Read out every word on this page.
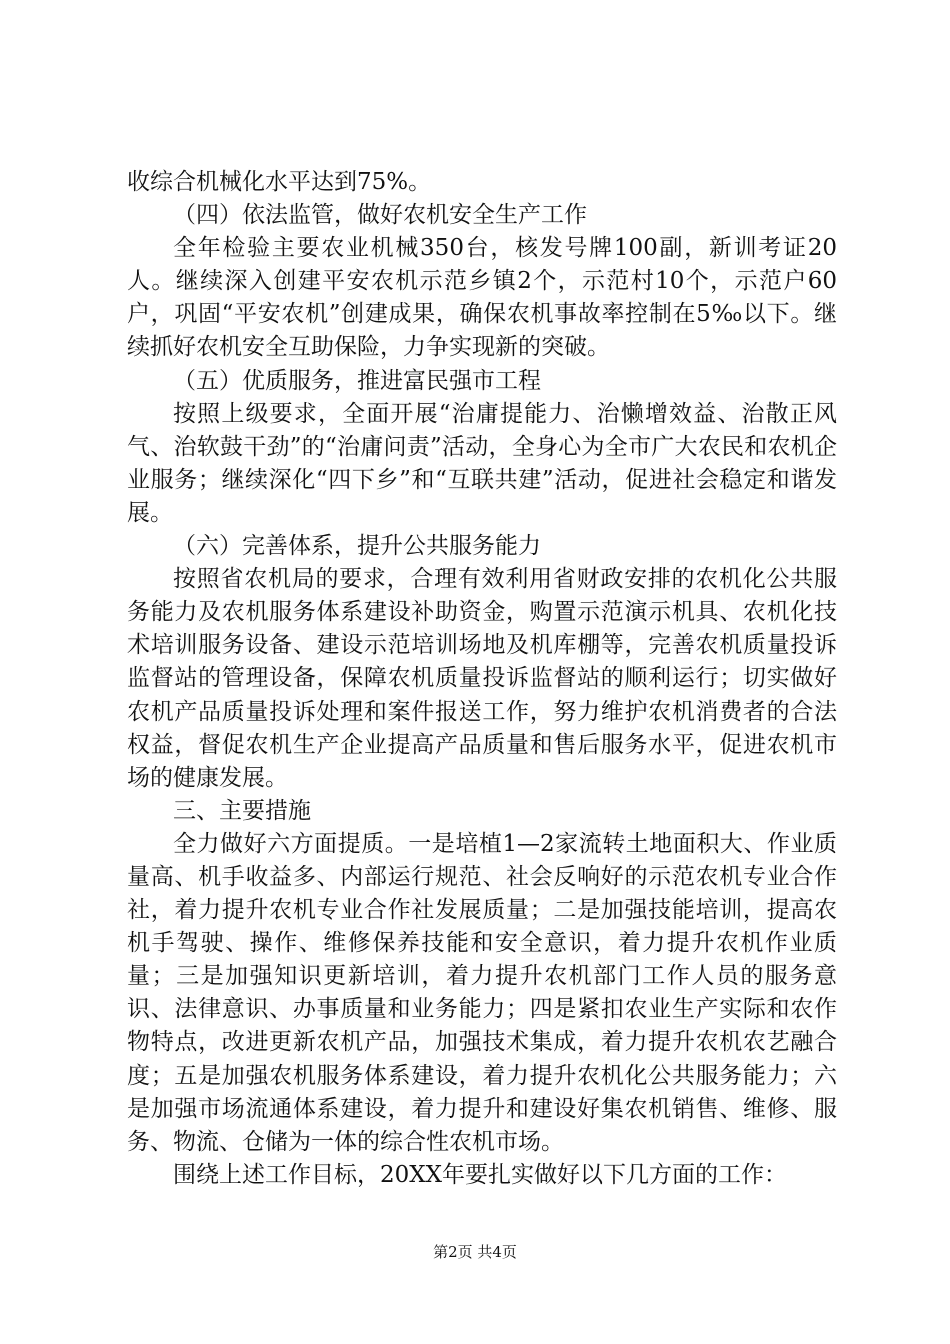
收综合机械化水平达到75%。

（四）依法监管，做好农机安全生产工作

全年检验主要农业机械350台，核发号牌100副，新训考证20人。继续深入创建平安农机示范乡镇2个，示范村10个，示范户60户，巩固“平安农机”创建成果，确保农机事故率控制在5‰以下。继续抓好农机安全互助保险，力争实现新的突破。

（五）优质服务，推进富民强市工程

按照上级要求，全面开展“治庸提能力、治懒增效益、治散正风气、治软鼓干劲”的“治庸问责”活动，全身心为全市广大农民和农机企业服务；继续深化“四下乡”和“互联共建”活动，促进社会稳定和谐发展。

（六）完善体系，提升公共服务能力

按照省农机局的要求，合理有效利用省财政安排的农机化公共服务能力及农机服务体系建设补助资金，购置示范演示机具、农机化技术培训服务设备、建设示范培训场地及机库棚等，完善农机质量投诉监督站的管理设备，保障农机质量投诉监督站的顺利运行；切实做好农机产品质量投诉处理和案件报送工作，努力维护农机消费者的合法权益，督促农机生产企业提高产品质量和售后服务水平，促进农机市场的健康发展。

三、主要措施

全力做好六方面提质。一是培植1—2家流转土地面积大、作业质量高、机手收益多、内部运行规范、社会反响好的示范农机专业合作社，着力提升农机专业合作社发展质量；二是加强技能培训，提高农机手驾驶、操作、维修保养技能和安全意识，着力提升农机作业质量；三是加强知识更新培训，着力提升农机部门工作人员的服务意识、法律意识、办事质量和业务能力；四是紧扣农业生产实际和农作物特点，改进更新农机产品，加强技术集成，着力提升农机农艺融合度；五是加强农机服务体系建设，着力提升农机化公共服务能力；六是加强市场流通体系建设，着力提升和建设好集农机销售、维修、服务、物流、仓储为一体的综合性农机市场。

围绕上述工作目标，20XX年要扎实做好以下几方面的工作：

第2页 共4页
